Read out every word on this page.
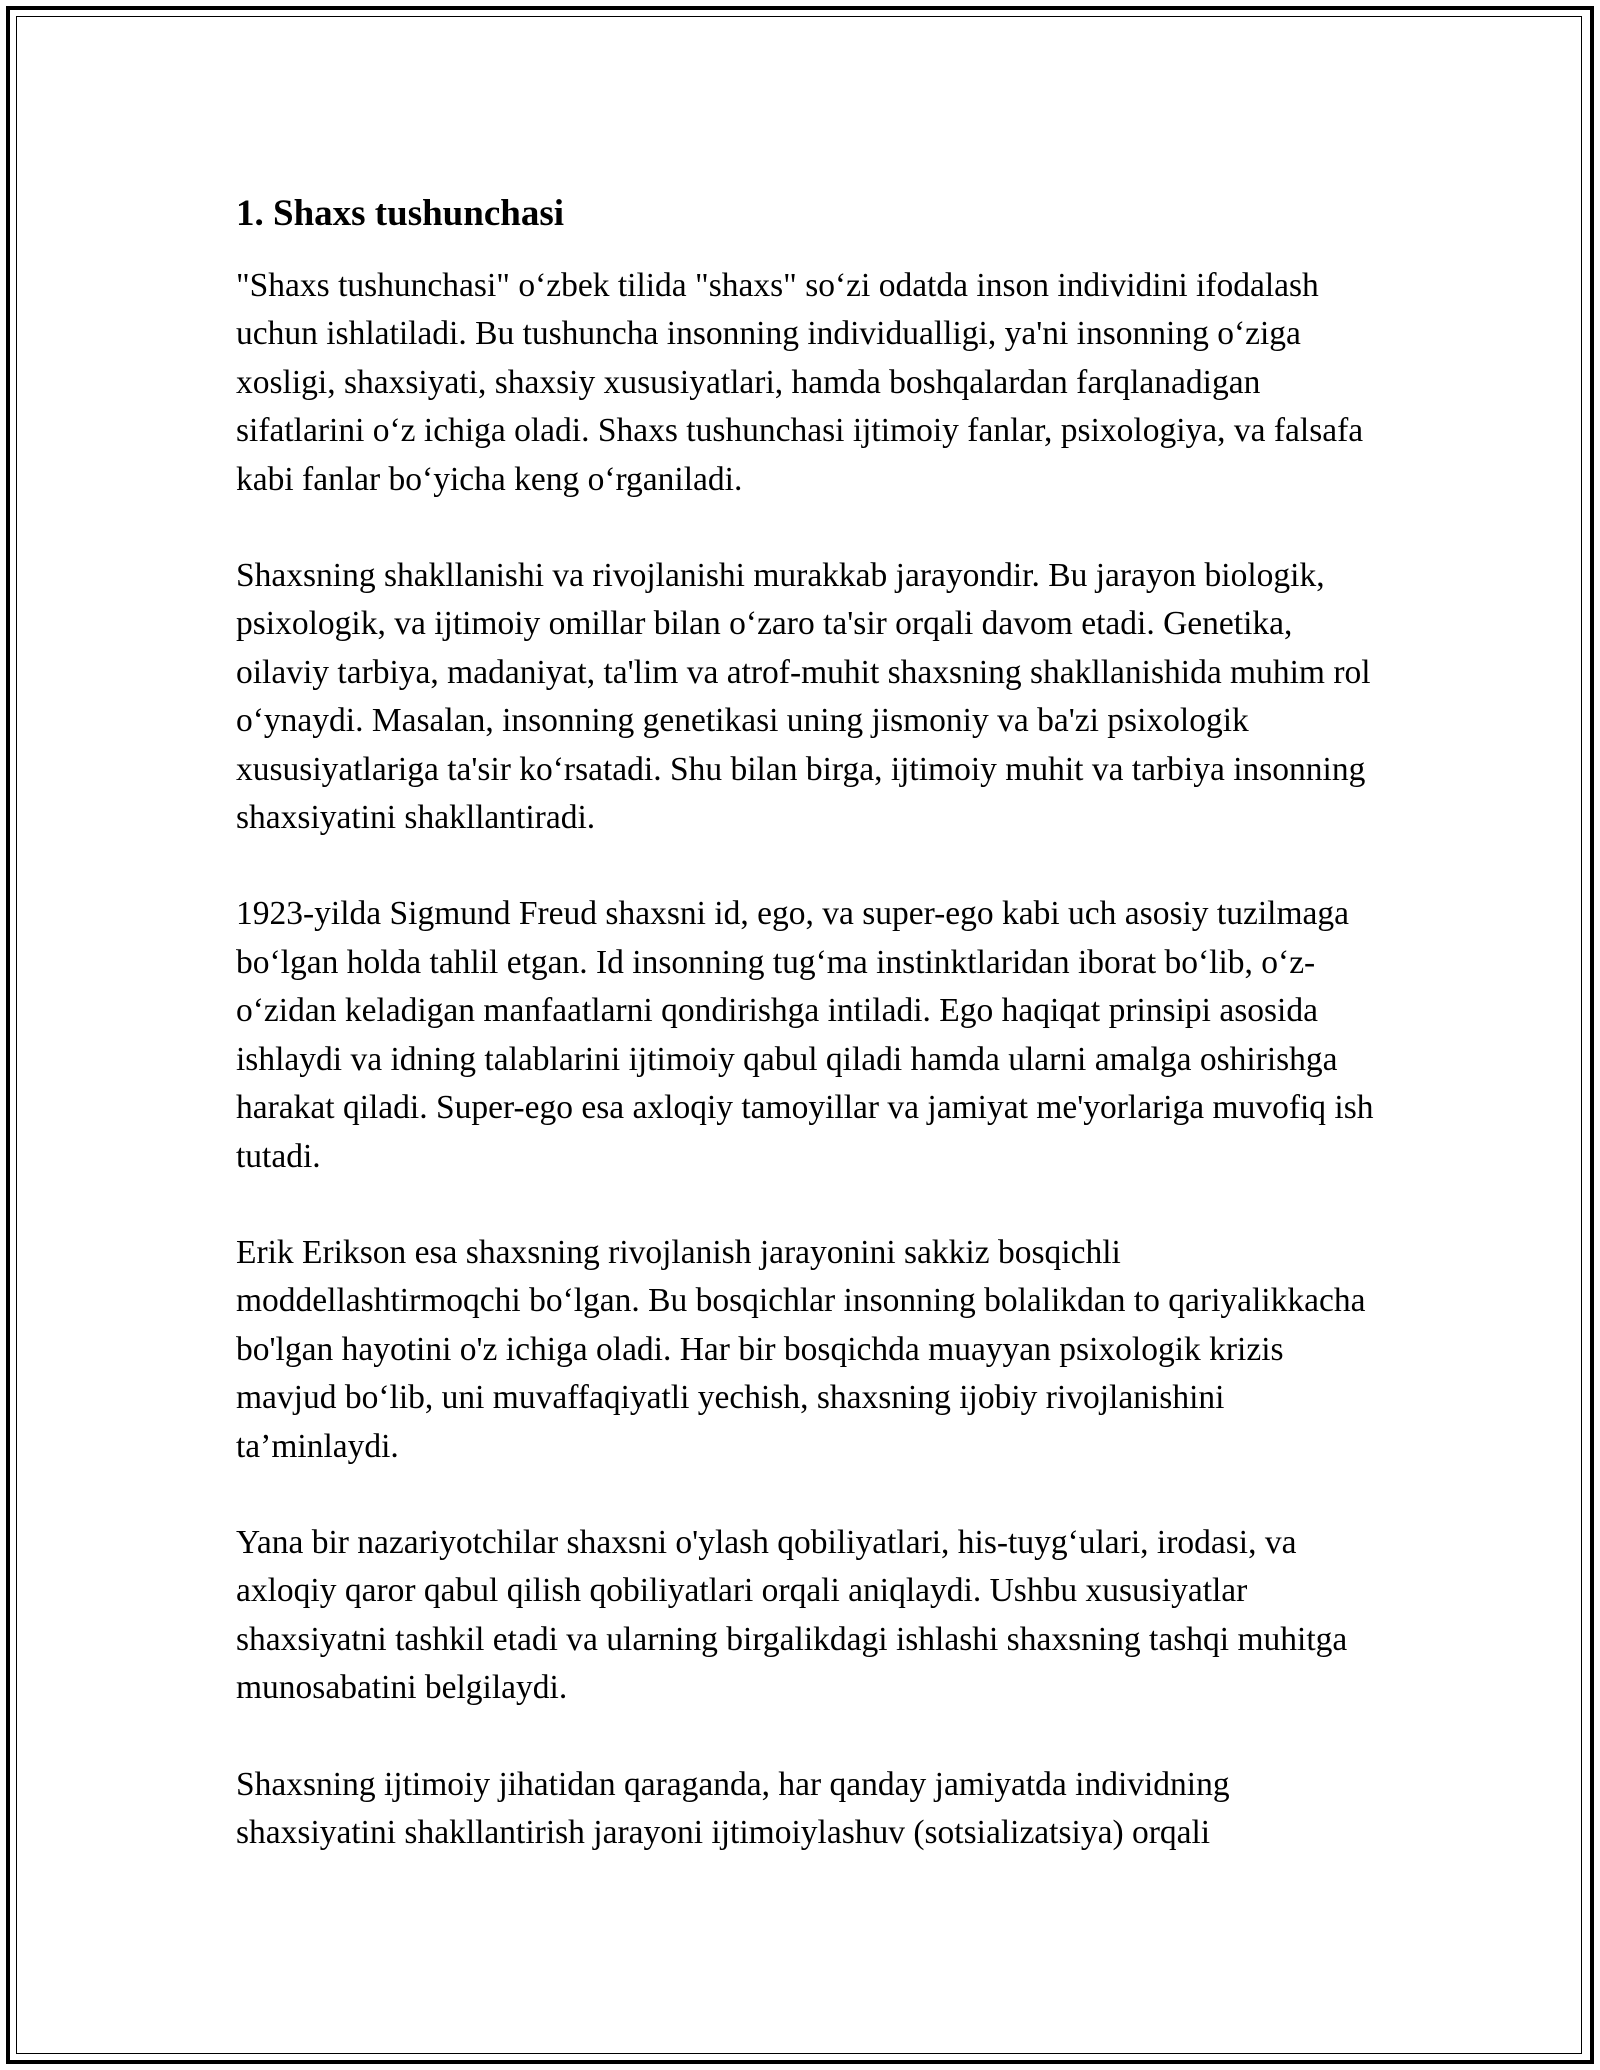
1. Shaxs tushunchasi

"Shaxs tushunchasi" o‘zbek tilida "shaxs" so‘zi odatda inson individini ifodalash uchun ishlatiladi. Bu tushuncha insonning individualligi, ya'ni insonning o‘ziga xosligi, shaxsiyati, shaxsiy xususiyatlari, hamda boshqalardan farqlanadigan sifatlarini o‘z ichiga oladi. Shaxs tushunchasi ijtimoiy fanlar, psixologiya, va falsafa kabi fanlar bo‘yicha keng o‘rganiladi.

Shaxsning shakllanishi va rivojlanishi murakkab jarayondir. Bu jarayon biologik, psixologik, va ijtimoiy omillar bilan o‘zaro ta'sir orqali davom etadi. Genetika, oilaviy tarbiya, madaniyat, ta'lim va atrof-muhit shaxsning shakllanishida muhim rol o‘ynaydi. Masalan, insonning genetikasi uning jismoniy va ba'zi psixologik xususiyatlariga ta'sir ko‘rsatadi. Shu bilan birga, ijtimoiy muhit va tarbiya insonning shaxsiyatini shakllantiradi.

1923-yilda Sigmund Freud shaxsni id, ego, va super-ego kabi uch asosiy tuzilmaga bo‘lgan holda tahlil etgan. Id insonning tug‘ma instinktlaridan iborat bo‘lib, o‘z-o‘zidan keladigan manfaatlarni qondirishga intiladi. Ego haqiqat prinsipi asosida ishlaydi va idning talablarini ijtimoiy qabul qiladi hamda ularni amalga oshirishga harakat qiladi. Super-ego esa axloqiy tamoyillar va jamiyat me'yorlariga muvofiq ish tutadi.

Erik Erikson esa shaxsning rivojlanish jarayonini sakkiz bosqichli moddellashtirmoqchi bo‘lgan. Bu bosqichlar insonning bolalikdan to qariyalikkacha bo'lgan hayotini o'z ichiga oladi. Har bir bosqichda muayyan psixologik krizis mavjud bo‘lib, uni muvaffaqiyatli yechish, shaxsning ijobiy rivojlanishini ta’minlaydi.

Yana bir nazariyotchilar shaxsni o'ylash qobiliyatlari, his-tuyg‘ulari, irodasi, va axloqiy qaror qabul qilish qobiliyatlari orqali aniqlaydi. Ushbu xususiyatlar shaxsiyatni tashkil etadi va ularning birgalikdagi ishlashi shaxsning tashqi muhitga munosabatini belgilaydi.

Shaxsning ijtimoiy jihatidan qaraganda, har qanday jamiyatda individning shaxsiyatini shakllantirish jarayoni ijtimoiylashuv (sotsializatsiya) orqali
